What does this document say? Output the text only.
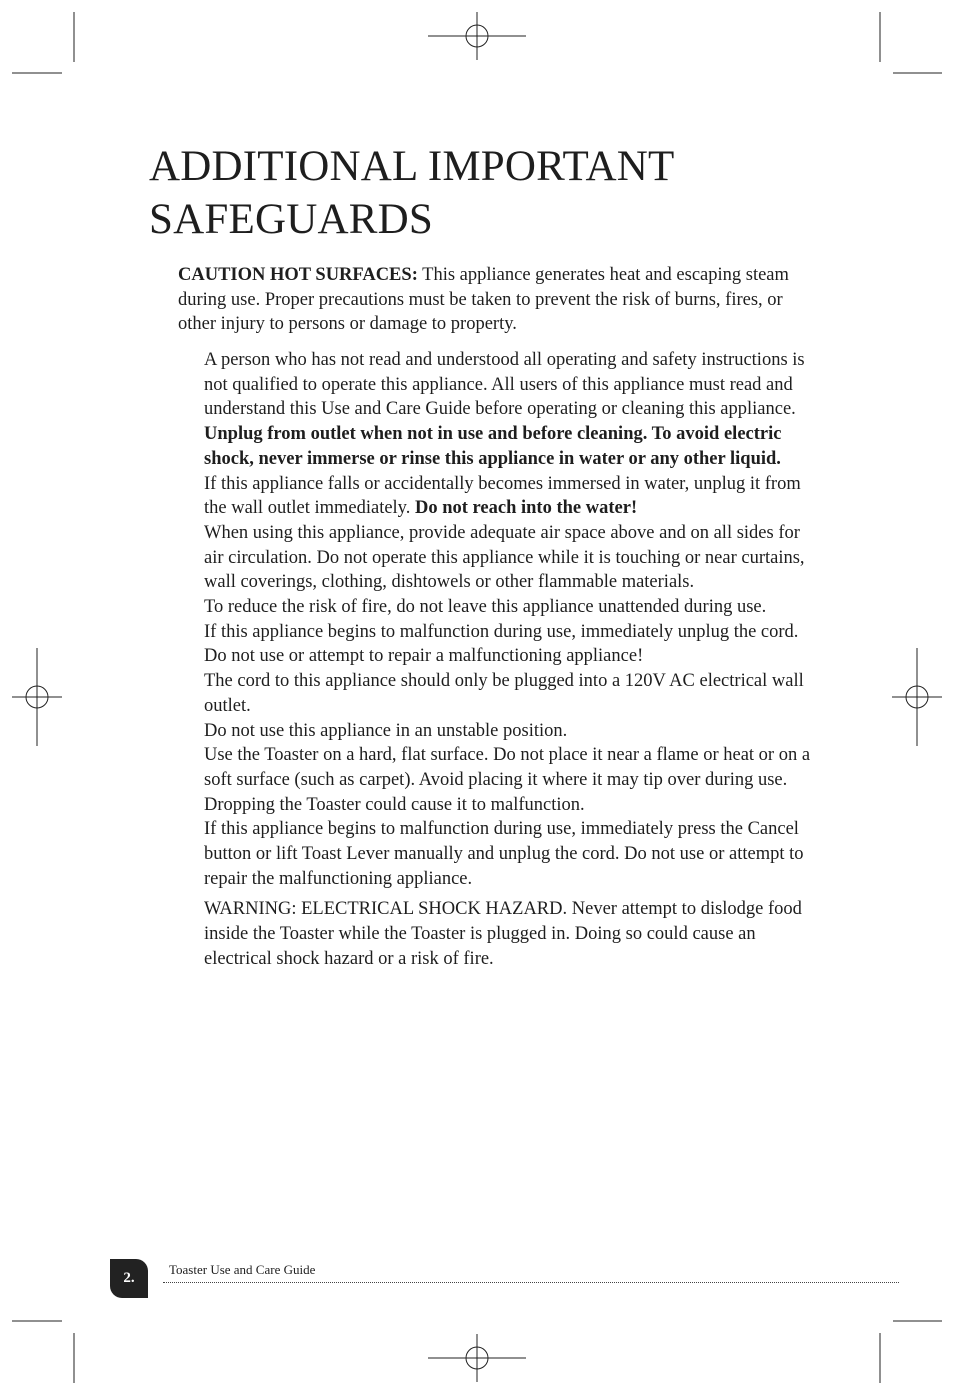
ADDITIONAL IMPORTANT
SAFEGUARDS

CAUTION HOT SURFACES: This appliance generates heat and escaping steam during use. Proper precautions must be taken to prevent the risk of burns, fires, or other injury to persons or damage to property.

A person who has not read and understood all operating and safety instructions is not qualified to operate this appliance. All users of this appliance must read and understand this Use and Care Guide before operating or cleaning this appliance.

Unplug from outlet when not in use and before cleaning. To avoid electric shock, never immerse or rinse this appliance in water or any other liquid.

If this appliance falls or accidentally becomes immersed in water, unplug it from the wall outlet immediately. Do not reach into the water!

When using this appliance, provide adequate air space above and on all sides for air circulation. Do not operate this appliance while it is touching or near curtains, wall coverings, clothing, dishtowels or other flammable materials.

To reduce the risk of fire, do not leave this appliance unattended during use.

If this appliance begins to malfunction during use, immediately unplug the cord. Do not use or attempt to repair a malfunctioning appliance!

The cord to this appliance should only be plugged into a 120V AC electrical wall outlet.

Do not use this appliance in an unstable position.

Use the Toaster on a hard, flat surface. Do not place it near a flame or heat or on a soft surface (such as carpet). Avoid placing it where it may tip over during use. Dropping the Toaster could cause it to malfunction.

If this appliance begins to malfunction during use, immediately press the Cancel button or lift Toast Lever manually and unplug the cord. Do not use or attempt to repair the malfunctioning appliance.

WARNING: ELECTRICAL SHOCK HAZARD. Never attempt to dislodge food inside the Toaster while the Toaster is plugged in. Doing so could cause an electrical shock hazard or a risk of fire.

2.
Toaster Use and Care Guide
